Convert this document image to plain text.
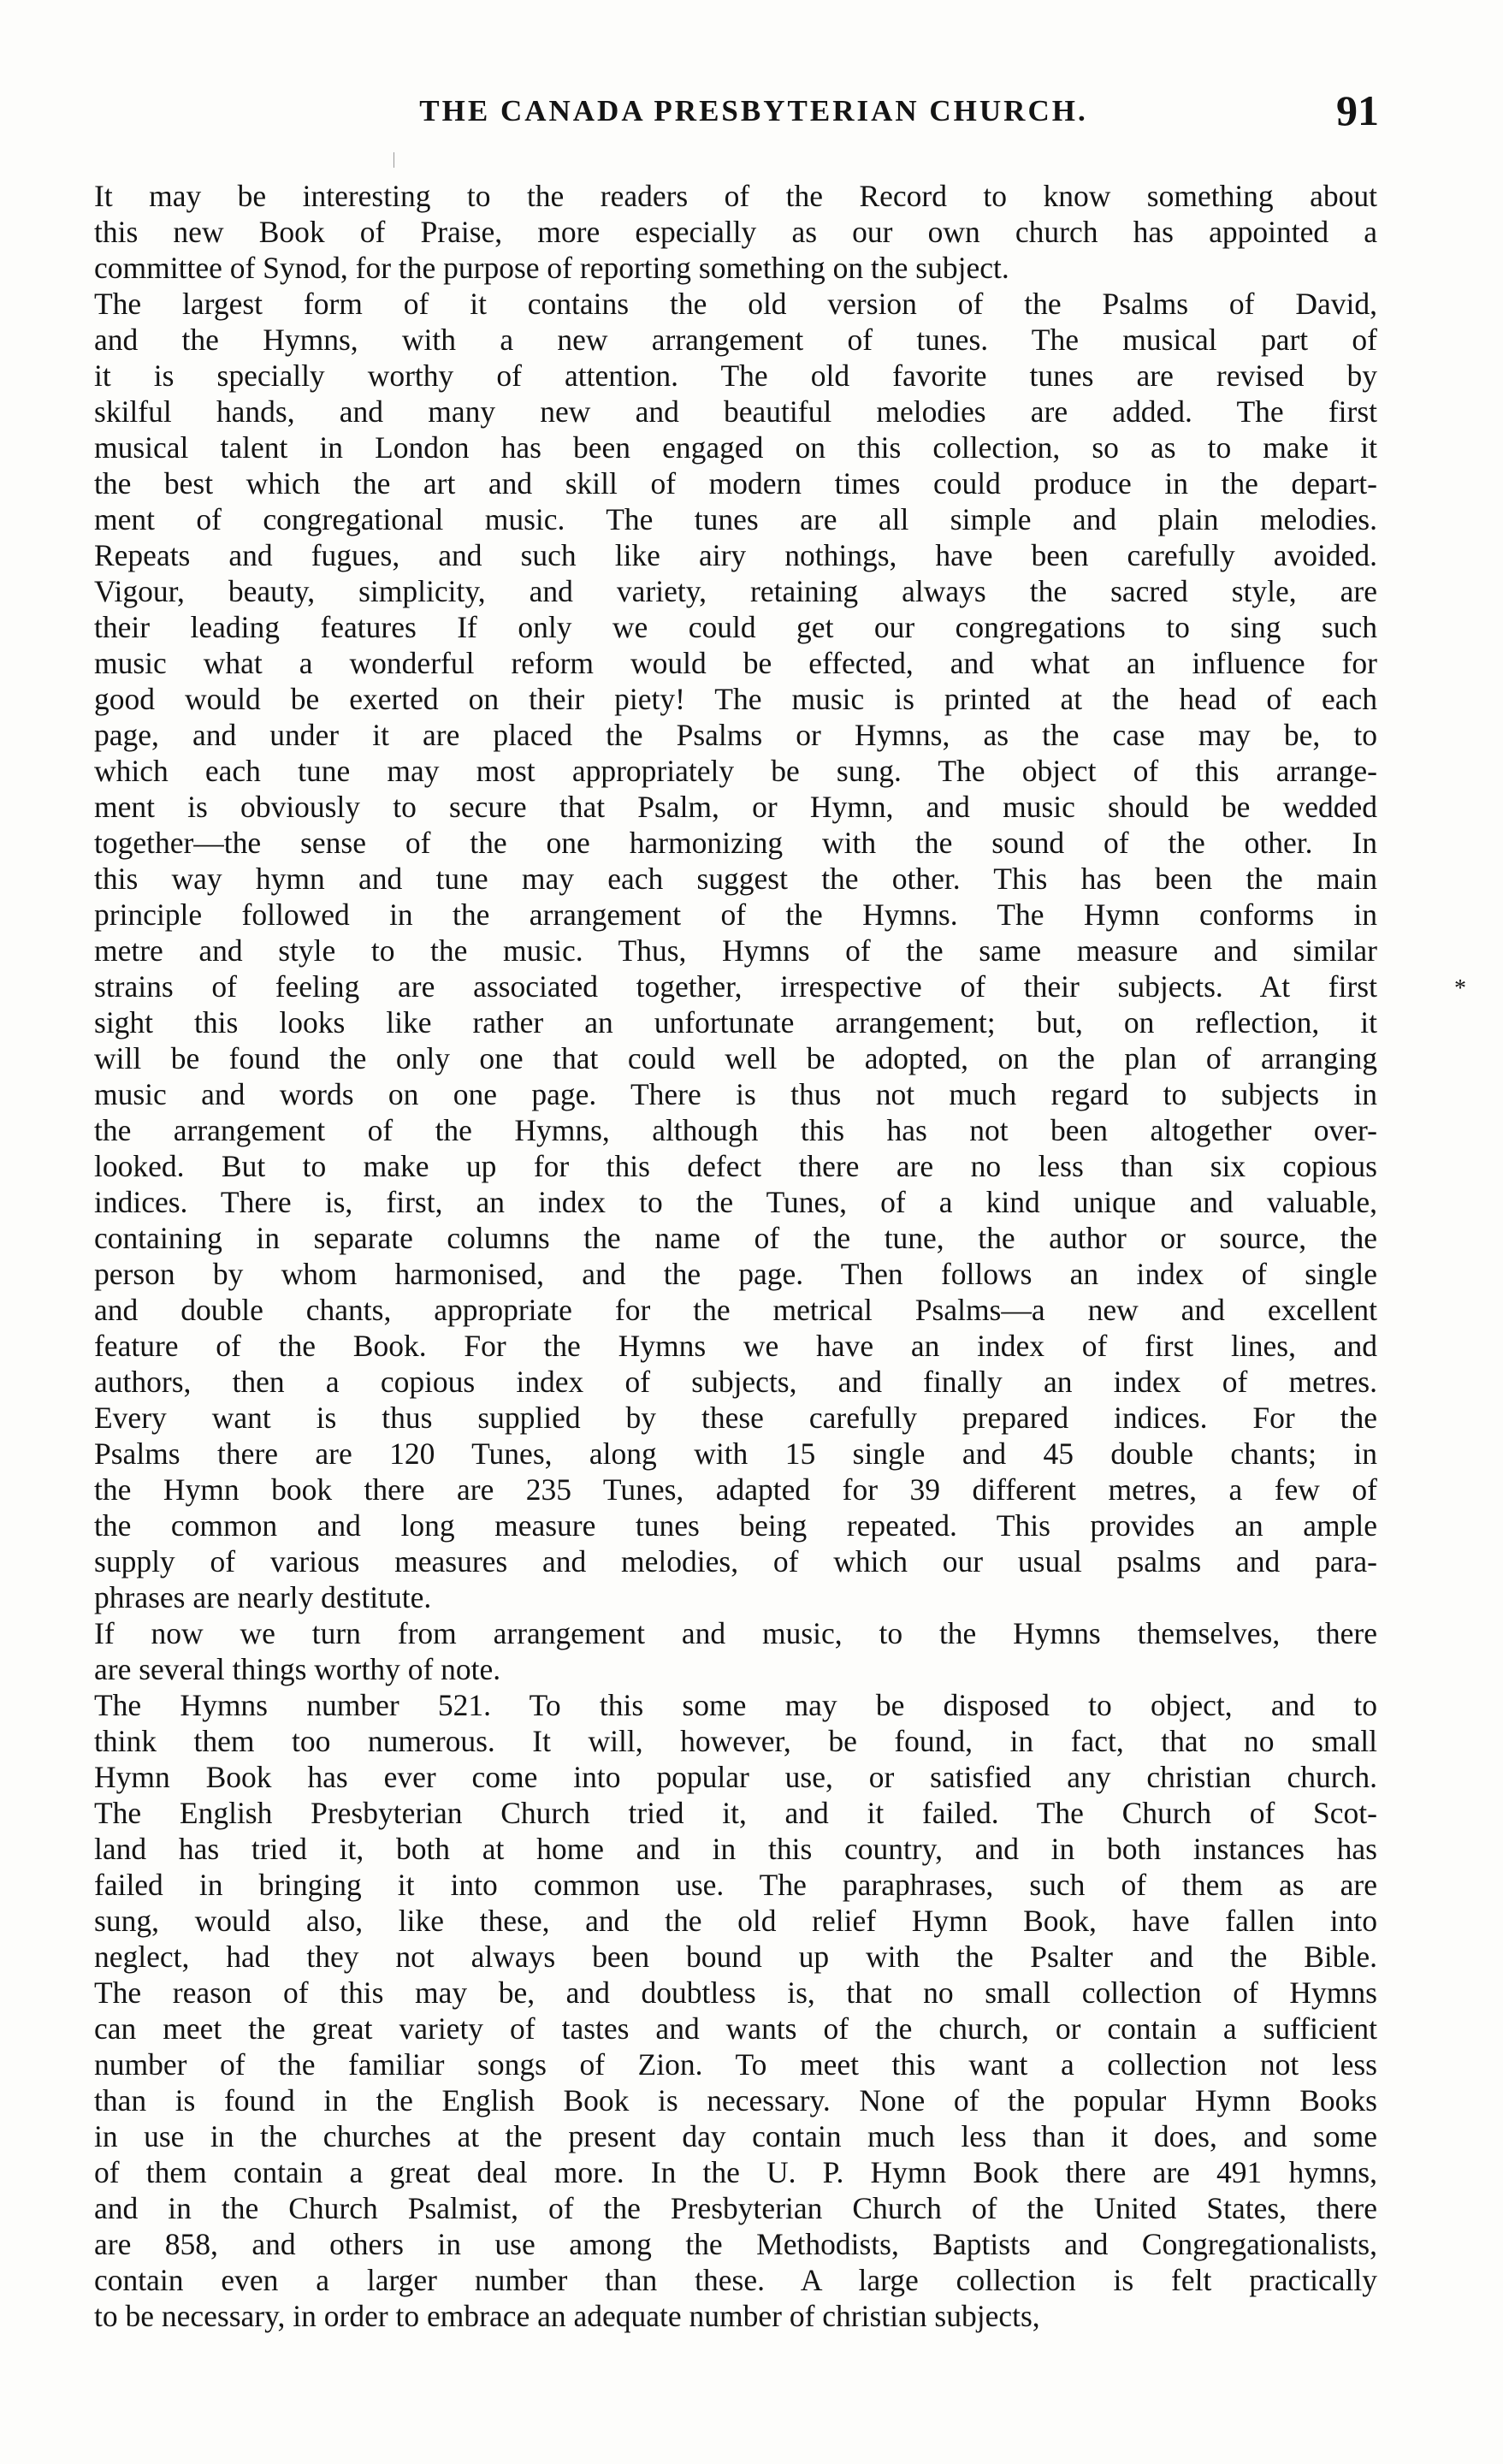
THE CANADA PRESBYTERIAN CHURCH.	91
*
It may be interesting to the readers of the Record to know something about
this new Book of Praise, more especially as our own church has appointed a
committee of Synod, for the purpose of reporting something on the subject.
The largest form of it contains the old version of the Psalms of David,
and the Hymns, with a new arrangement of tunes. The musical part of
it is specially worthy of attention. The old favorite tunes are revised by
skilful hands, and many new and beautiful melodies are added. The first
musical talent in London has been engaged on this collection, so as to make it
the best which the art and skill of modern times could produce in the depart-
ment of congregational music. The tunes are all simple and plain melodies.
Repeats and fugues, and such like airy nothings, have been carefully avoided.
Vigour, beauty, simplicity, and variety, retaining always the sacred style, are
their leading features If only we could get our congregations to sing such
music what a wonderful reform would be effected, and what an influence for
good would be exerted on their piety! The music is printed at the head of each
page, and under it are placed the Psalms or Hymns, as the case may be, to
which each tune may most appropriately be sung. The object of this arrange-
ment is obviously to secure that Psalm, or Hymn, and music should be wedded
together—the sense of the one harmonizing with the sound of the other. In
this way hymn and tune may each suggest the other. This has been the main
principle followed in the arrangement of the Hymns. The Hymn conforms in
metre and style to the music. Thus, Hymns of the same measure and similar
strains of feeling are associated together, irrespective of their subjects. At first
sight this looks like rather an unfortunate arrangement; but, on reflection, it
will be found the only one that could well be adopted, on the plan of arranging
music and words on one page. There is thus not much regard to subjects in
the arrangement of the Hymns, although this has not been altogether over-
looked. But to make up for this defect there are no less than six copious
indices. There is, first, an index to the Tunes, of a kind unique and valuable,
containing in separate columns the name of the tune, the author or source, the
person by whom harmonised, and the page. Then follows an index of single
and double chants, appropriate for the metrical Psalms—a new and excellent
feature of the Book. For the Hymns we have an index of first lines, and
authors, then a copious index of subjects, and finally an index of metres.
Every want is thus supplied by these carefully prepared indices. For the
Psalms there are 120 Tunes, along with 15 single and 45 double chants; in
the Hymn book there are 235 Tunes, adapted for 39 different metres, a few of
the common and long measure tunes being repeated. This provides an ample
supply of various measures and melodies, of which our usual psalms and para-
phrases are nearly destitute.
If now we turn from arrangement and music, to the Hymns themselves, there
are several things worthy of note.
The Hymns number 521. To this some may be disposed to object, and to
think them too numerous. It will, however, be found, in fact, that no small
Hymn Book has ever come into popular use, or satisfied any christian church.
The English Presbyterian Church tried it, and it failed. The Church of Scot-
land has tried it, both at home and in this country, and in both instances has
failed in bringing it into common use. The paraphrases, such of them as are
sung, would also, like these, and the old relief Hymn Book, have fallen into
neglect, had they not always been bound up with the Psalter and the Bible.
The reason of this may be, and doubtless is, that no small collection of Hymns
can meet the great variety of tastes and wants of the church, or contain a sufficient
number of the familiar songs of Zion. To meet this want a collection not less
than is found in the English Book is necessary. None of the popular Hymn Books
in use in the churches at the present day contain much less than it does, and some
of them contain a great deal more. In the U. P. Hymn Book there are 491 hymns,
and in the Church Psalmist, of the Presbyterian Church of the United States, there
are 858, and others in use among the Methodists, Baptists and Congregationalists,
contain even a larger number than these. A large collection is felt practically
to be necessary, in order to embrace an adequate number of christian subjects,
